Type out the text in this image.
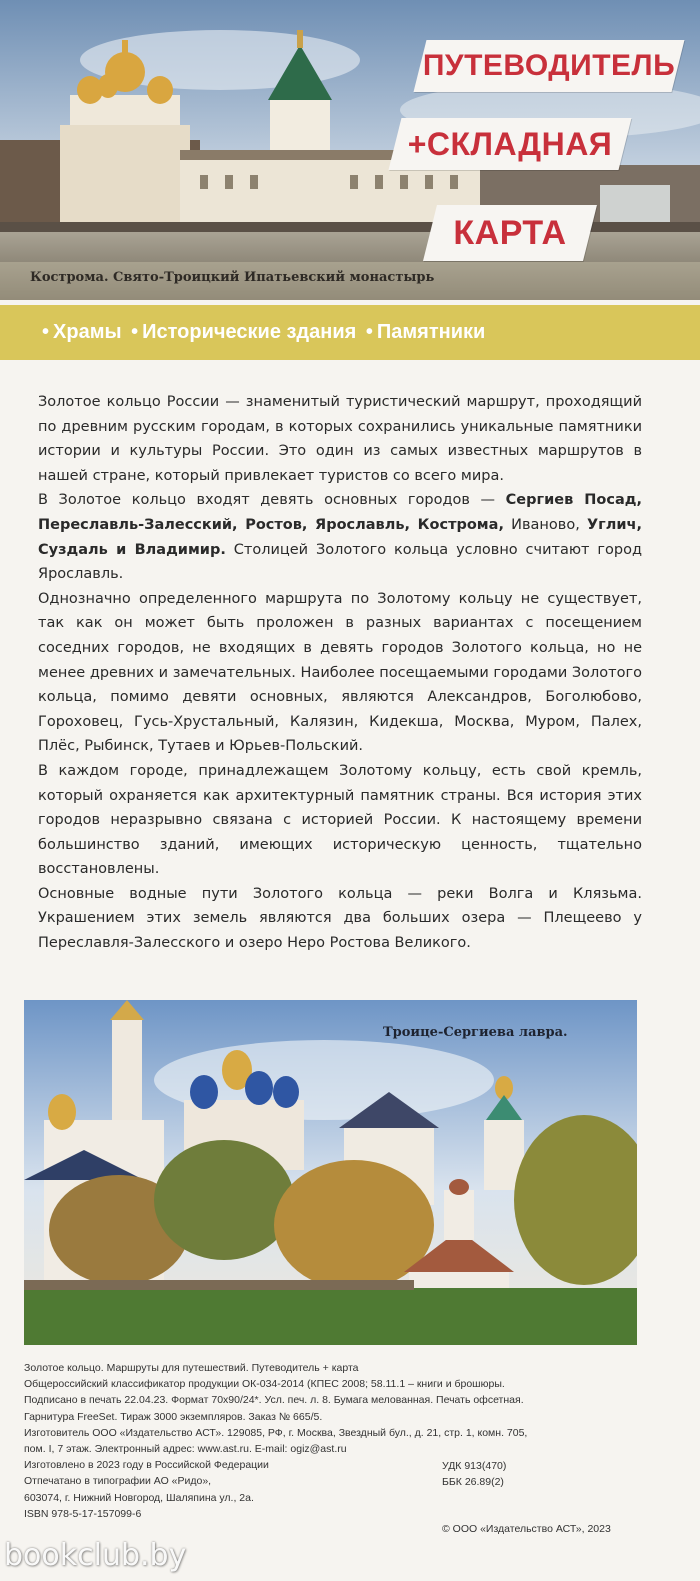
ПУТЕВОДИТЕЛЬ
+СКЛАДНАЯ
КАРТА
Кострома. Свято-Троицкий Ипатьевский монастырь
• Храмы • Исторические здания • Памятники

Золотое кольцо России — знаменитый туристический маршрут, проходящий по древним русским городам, в которых сохранились уникальные памятники истории и культуры России. Это один из самых известных маршрутов в нашей стране, который привлекает туристов со всего мира.

В Золотое кольцо входят девять основных городов — Сергиев Посад, Переславль-Залесский, Ростов, Ярославль, Кострома, Иваново, Углич, Суздаль и Владимир. Столицей Золотого кольца условно считают город Ярославль.

Однозначно определенного маршрута по Золотому кольцу не существует, так как он может быть проложен в разных вариантах с посещением соседних городов, не входящих в девять городов Золотого кольца, но не менее древних и замечательных. Наиболее посещаемыми городами Золотого кольца, помимо девяти основных, являются Александров, Боголюбово, Гороховец, Гусь-Хрустальный, Калязин, Кидекша, Москва, Муром, Палех, Плёс, Рыбинск, Тутаев и Юрьев-Польский.

В каждом городе, принадлежащем Золотому кольцу, есть свой кремль, который охраняется как архитектурный памятник страны. Вся история этих городов неразрывно связана с историей России. К настоящему времени большинство зданий, имеющих историческую ценность, тщательно восстановлены.

Основные водные пути Золотого кольца — реки Волга и Клязьма. Украшением этих земель являются два больших озера — Плещеево у Переславля-Залесского и озеро Неро Ростова Великого.

Троице-Сергиева лавра.
Золотое кольцо. Маршруты для путешествий. Путеводитель + карта
Общероссийский классификатор продукции ОК-034-2014 (КПЕС 2008; 58.11.1 – книги и брошюры.
Подписано в печать 22.04.23. Формат 70х90/24*. Усл. печ. л. 8. Бумага мелованная. Печать офсетная.
Гарнитура FreeSet. Тираж 3000 экземпляров. Заказ № 665/5.
Изготовитель ООО «Издательство АСТ». 129085, РФ, г. Москва, Звездный бул., д. 21, стр. 1, комн. 705,
пом. I, 7 этаж. Электронный адрес: www.ast.ru. E-mail: ogiz@ast.ru
Изготовлено в 2023 году в Российской Федерации
Отпечатано в типографии АО «Ридо»,
603074, г. Нижний Новгород, Шаляпина ул., 2а.
ISBN 978-5-17-157099-6
УДК 913(470)
ББК 26.89(2)
© ООО «Издательство АСТ», 2023
bookclub.by
